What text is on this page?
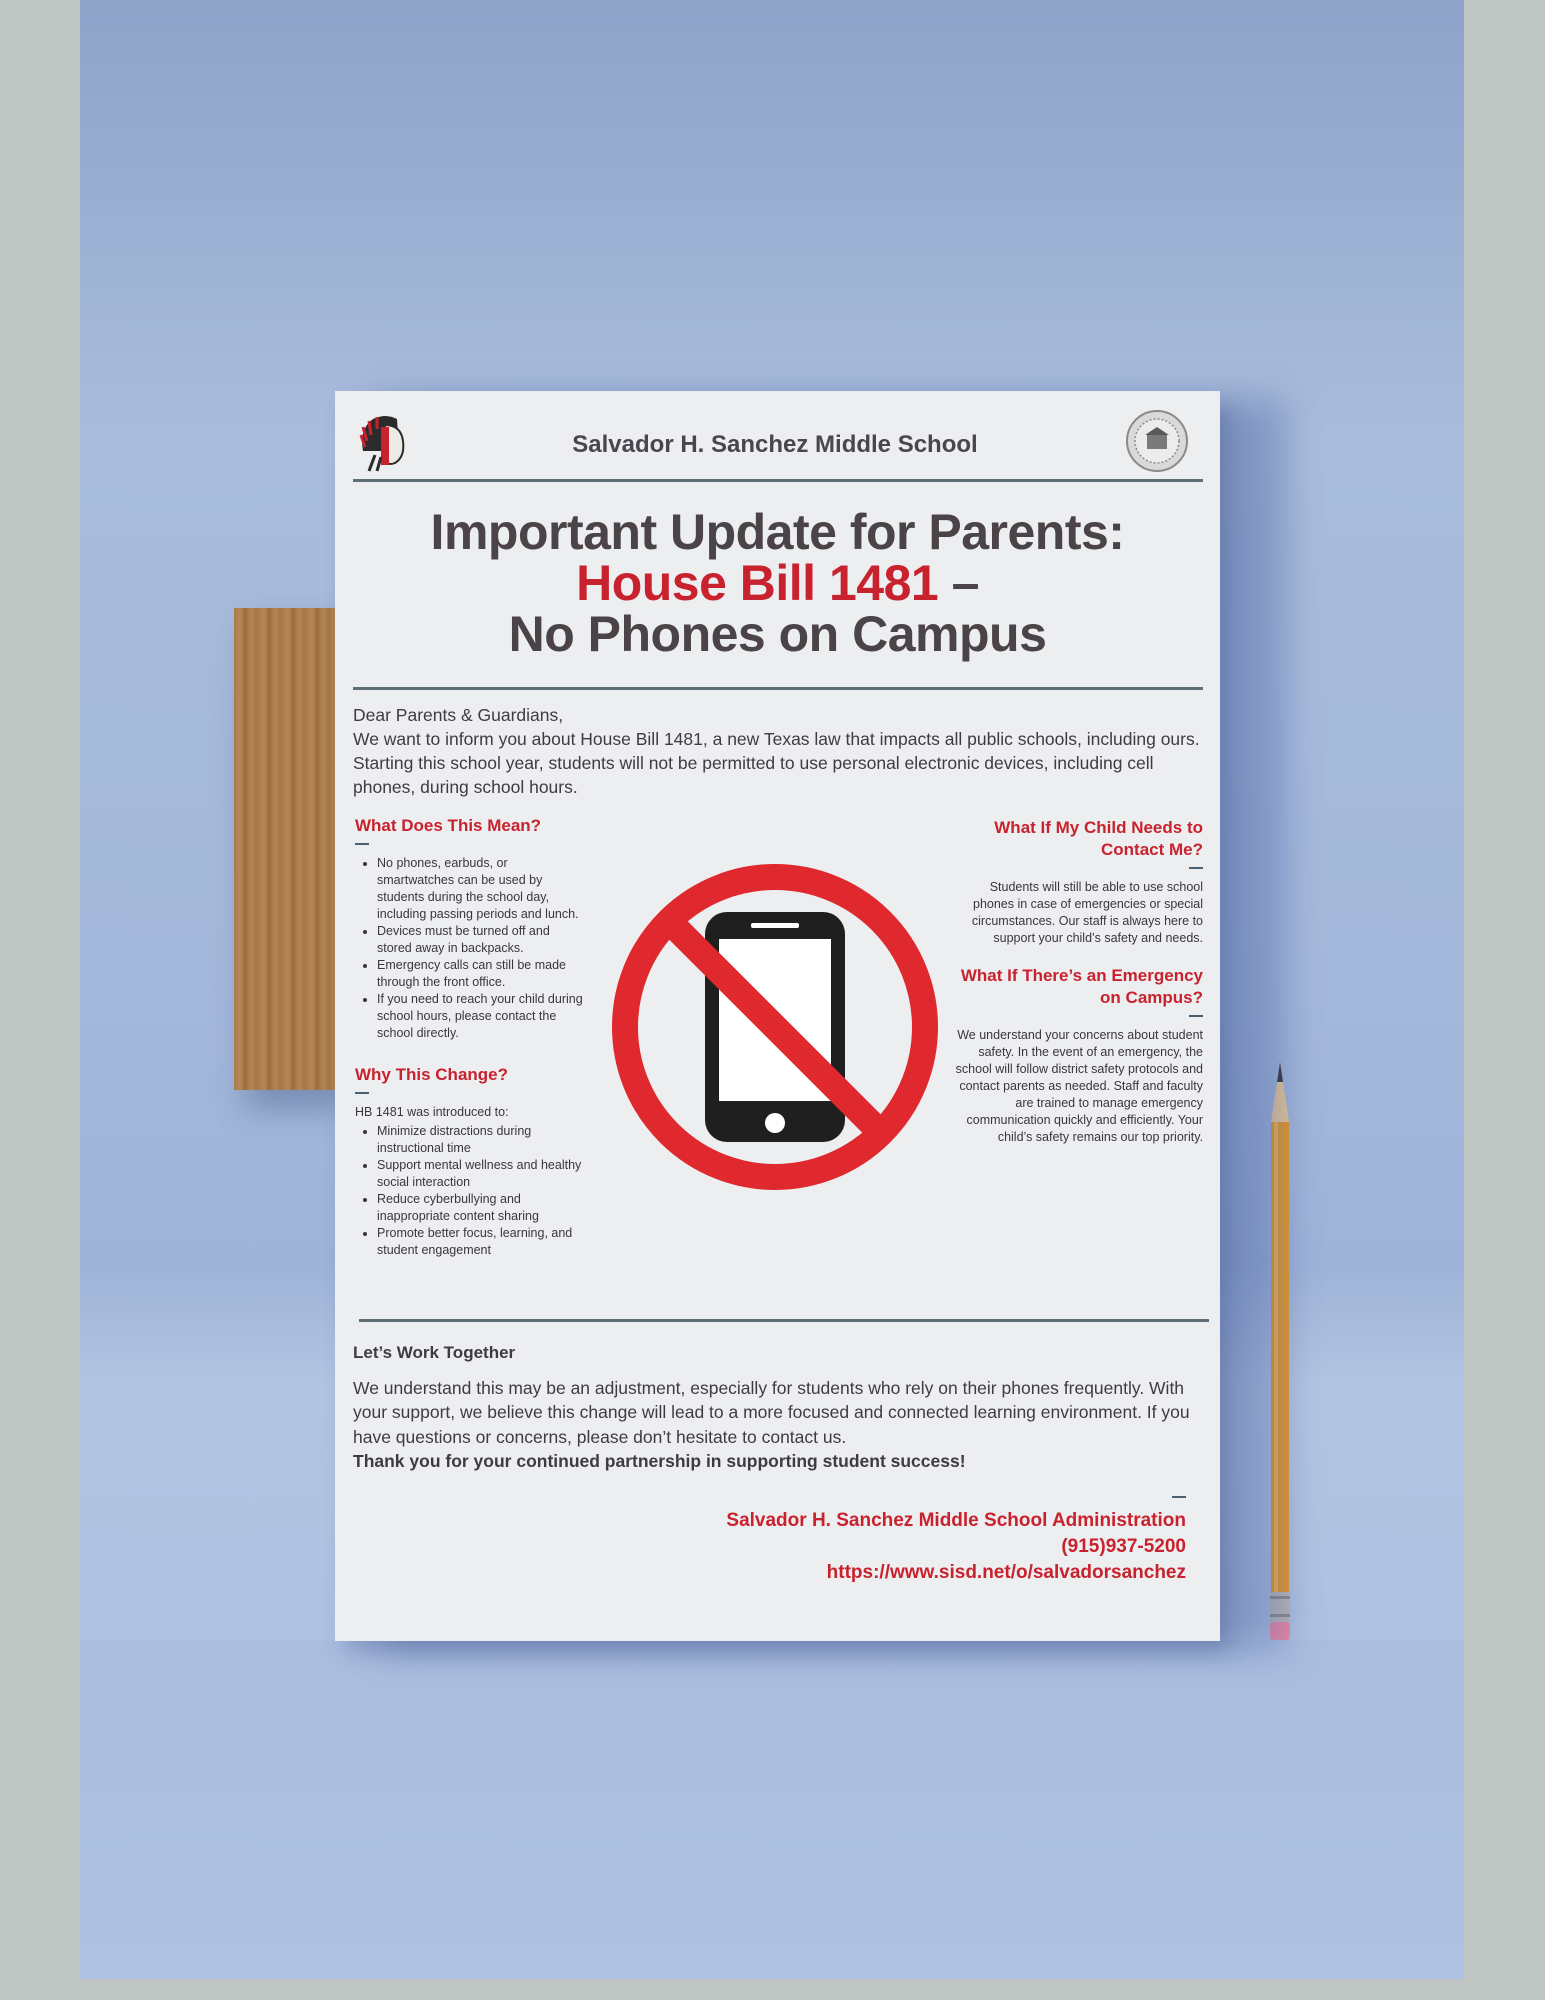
Salvador H. Sanchez Middle School
Important Update for Parents:
House Bill 1481 –
No Phones on Campus

Dear Parents & Guardians,

We want to inform you about House Bill 1481, a new Texas law that impacts all public schools, including ours. Starting this school year, students will not be permitted to use personal electronic devices, including cell phones, during school hours.

What Does This Mean?
• No phones, earbuds, or smartwatches can be used by students during the school day, including passing periods and lunch.
• Devices must be turned off and stored away in backpacks.
• Emergency calls can still be made through the front office.
• If you need to reach your child during school hours, please contact the school directly.
Why This Change?
HB 1481 was introduced to:
• Minimize distractions during instructional time
• Support mental wellness and healthy social interaction
• Reduce cyberbullying and inappropriate content sharing
• Promote better focus, learning, and student engagement
What If My Child Needs to Contact Me?

Students will still be able to use school phones in case of emergencies or special circumstances. Our staff is always here to support your child’s safety and needs.

What If There’s an Emergency on Campus?

We understand your concerns about student safety. In the event of an emergency, the school will follow district safety protocols and contact parents as needed. Staff and faculty are trained to manage emergency communication quickly and efficiently. Your child’s safety remains our top priority.

Let’s Work Together

We understand this may be an adjustment, especially for students who rely on their phones frequently. With your support, we believe this change will lead to a more focused and connected learning environment. If you have questions or concerns, please don’t hesitate to contact us.

Thank you for your continued partnership in supporting student success!

Salvador H. Sanchez Middle School Administration
(915)937-5200
https://www.sisd.net/o/salvadorsanchez
